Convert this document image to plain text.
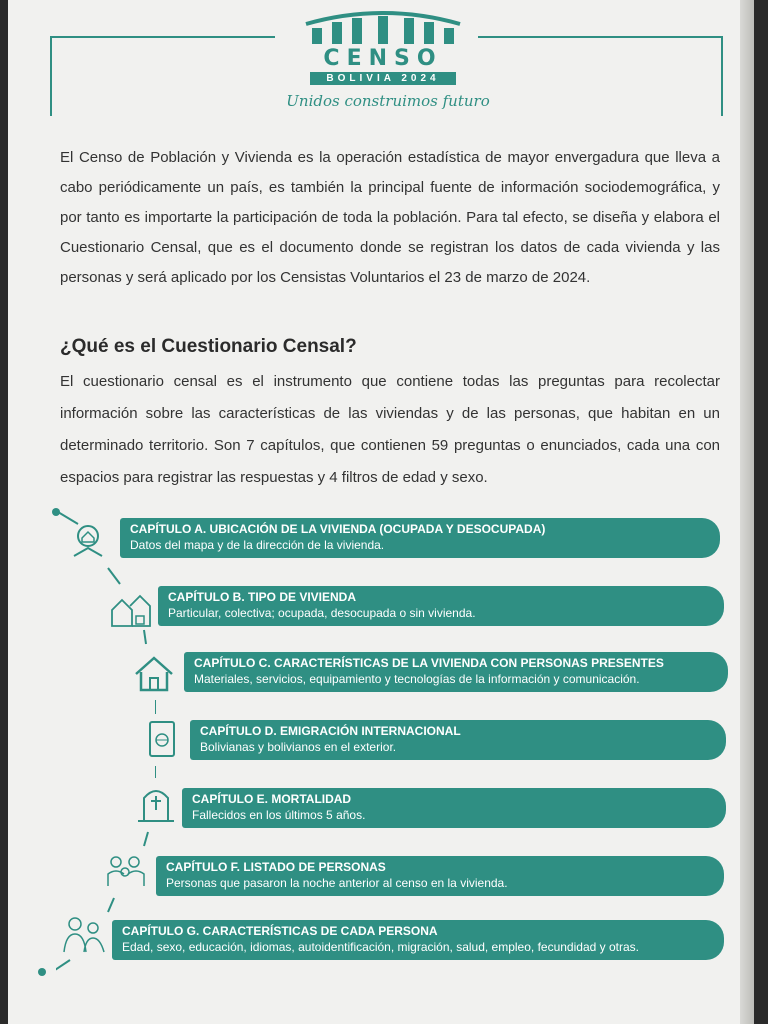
CENSO
BOLIVIA 2024
Unidos construimos futuro
El Censo de Población y Vivienda es la operación estadística de mayor envergadura que lleva a cabo periódicamente un país, es también la principal fuente de información sociodemográfica, y por tanto es importarte la participación de toda la población. Para tal efecto, se diseña y elabora el Cuestionario Censal, que es el documento donde se registran los datos de cada vivienda y las personas y será aplicado por los Censistas Voluntarios el 23 de marzo de 2024.
¿Qué es el Cuestionario Censal?
El cuestionario censal es el instrumento que contiene todas las preguntas para recolectar información sobre las características de las viviendas y de las personas, que habitan en un determinado territorio. Son 7 capítulos, que contienen 59 preguntas o enunciados, cada una con espacios para registrar las respuestas y 4 filtros de edad y sexo.
CAPÍTULO A. UBICACIÓN DE LA VIVIENDA (OCUPADA Y DESOCUPADA)
Datos del mapa y de la dirección de la vivienda.
CAPÍTULO B. TIPO DE VIVIENDA
Particular, colectiva; ocupada, desocupada o sin vivienda.
CAPÍTULO C. CARACTERÍSTICAS DE LA VIVIENDA CON PERSONAS PRESENTES
Materiales, servicios, equipamiento y tecnologías de la información y comunicación.
CAPÍTULO D. EMIGRACIÓN INTERNACIONAL
Bolivianas y bolivianos en el exterior.
CAPÍTULO E. MORTALIDAD
Fallecidos en los últimos 5 años.
CAPÍTULO F. LISTADO DE PERSONAS
Personas que pasaron la noche anterior al censo en la vivienda.
CAPÍTULO G. CARACTERÍSTICAS DE CADA PERSONA
Edad, sexo, educación, idiomas, autoidentificación, migración, salud, empleo, fecundidad y otras.
